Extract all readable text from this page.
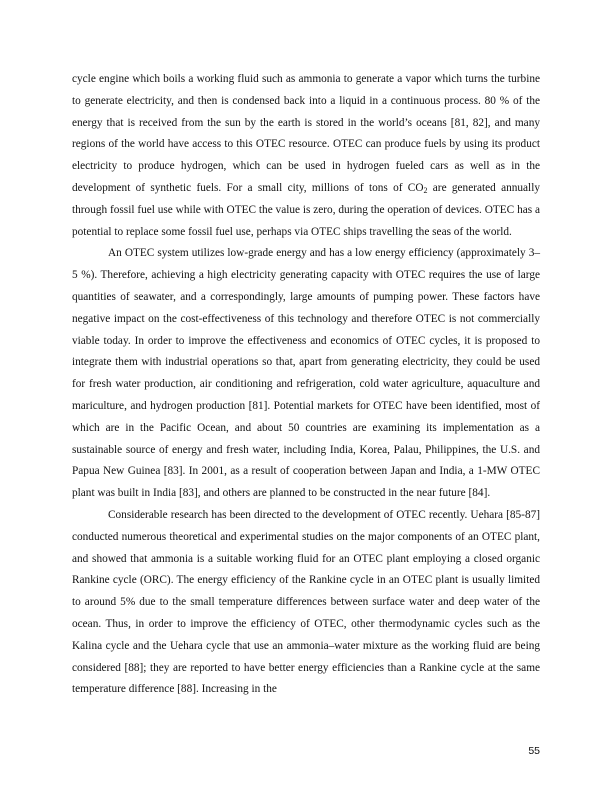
cycle engine which boils a working fluid such as ammonia to generate a vapor which turns the turbine to generate electricity, and then is condensed back into a liquid in a continuous process. 80 % of the energy that is received from the sun by the earth is stored in the world’s oceans [81, 82], and many regions of the world have access to this OTEC resource. OTEC can produce fuels by using its product electricity to produce hydrogen, which can be used in hydrogen fueled cars as well as in the development of synthetic fuels. For a small city, millions of tons of $CO_2$ are generated annually through fossil fuel use while with OTEC the value is zero, during the operation of devices. OTEC has a potential to replace some fossil fuel use, perhaps via OTEC ships travelling the seas of the world.

An OTEC system utilizes low-grade energy and has a low energy efficiency (approximately 3–5 %). Therefore, achieving a high electricity generating capacity with OTEC requires the use of large quantities of seawater, and a correspondingly, large amounts of pumping power. These factors have negative impact on the cost-effectiveness of this technology and therefore OTEC is not commercially viable today. In order to improve the effectiveness and economics of OTEC cycles, it is proposed to integrate them with industrial operations so that, apart from generating electricity, they could be used for fresh water production, air conditioning and refrigeration, cold water agriculture, aquaculture and mariculture, and hydrogen production [81]. Potential markets for OTEC have been identified, most of which are in the Pacific Ocean, and about 50 countries are examining its implementation as a sustainable source of energy and fresh water, including India, Korea, Palau, Philippines, the U.S. and Papua New Guinea [83]. In 2001, as a result of cooperation between Japan and India, a 1-MW OTEC plant was built in India [83], and others are planned to be constructed in the near future [84].

Considerable research has been directed to the development of OTEC recently. Uehara [85-87] conducted numerous theoretical and experimental studies on the major components of an OTEC plant, and showed that ammonia is a suitable working fluid for an OTEC plant employing a closed organic Rankine cycle (ORC). The energy efficiency of the Rankine cycle in an OTEC plant is usually limited to around 5% due to the small temperature differences between surface water and deep water of the ocean. Thus, in order to improve the efficiency of OTEC, other thermodynamic cycles such as the Kalina cycle and the Uehara cycle that use an ammonia–water mixture as the working fluid are being considered [88]; they are reported to have better energy efficiencies than a Rankine cycle at the same temperature difference [88]. Increasing in the

55
